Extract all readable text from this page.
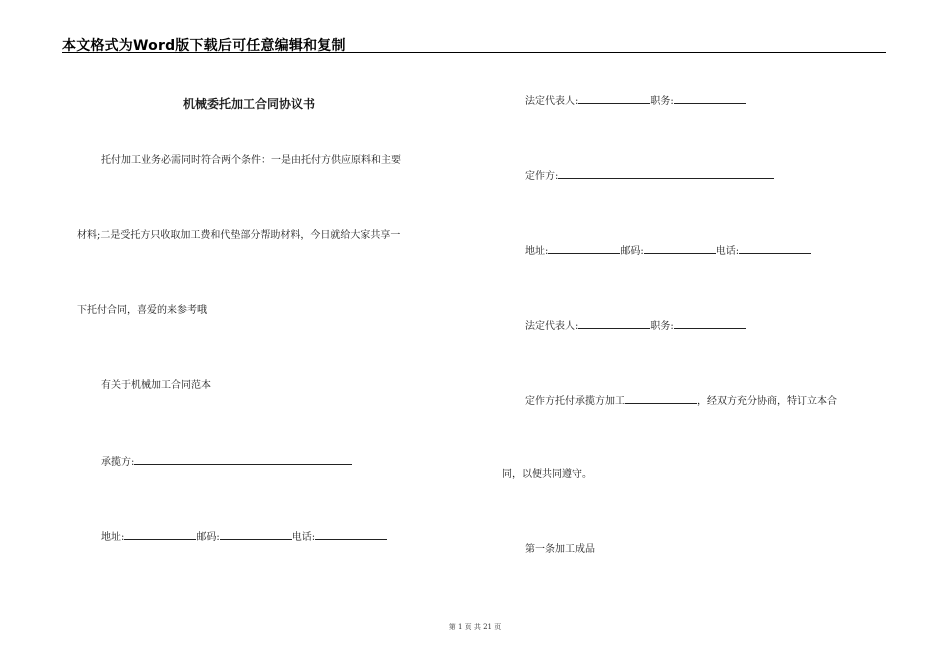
本文格式为Word版下载后可任意编辑和复制
机械委托加工合同协议书
托付加工业务必需同时符合两个条件：一是由托付方供应原料和主要
材料;二是受托方只收取加工费和代垫部分帮助材料，今日就给大家共享一
下托付合同，喜爱的来参考哦
有关于机械加工合同范本
承揽方:
地址:	邮码:	电话:
法定代表人:	职务:
定作方:
地址:	邮码:	电话:
法定代表人:	职务:
定作方托付承揽方加工	，经双方充分协商，特订立本合
同，以便共同遵守。
第一条加工成品
第 1 页 共 21 页
